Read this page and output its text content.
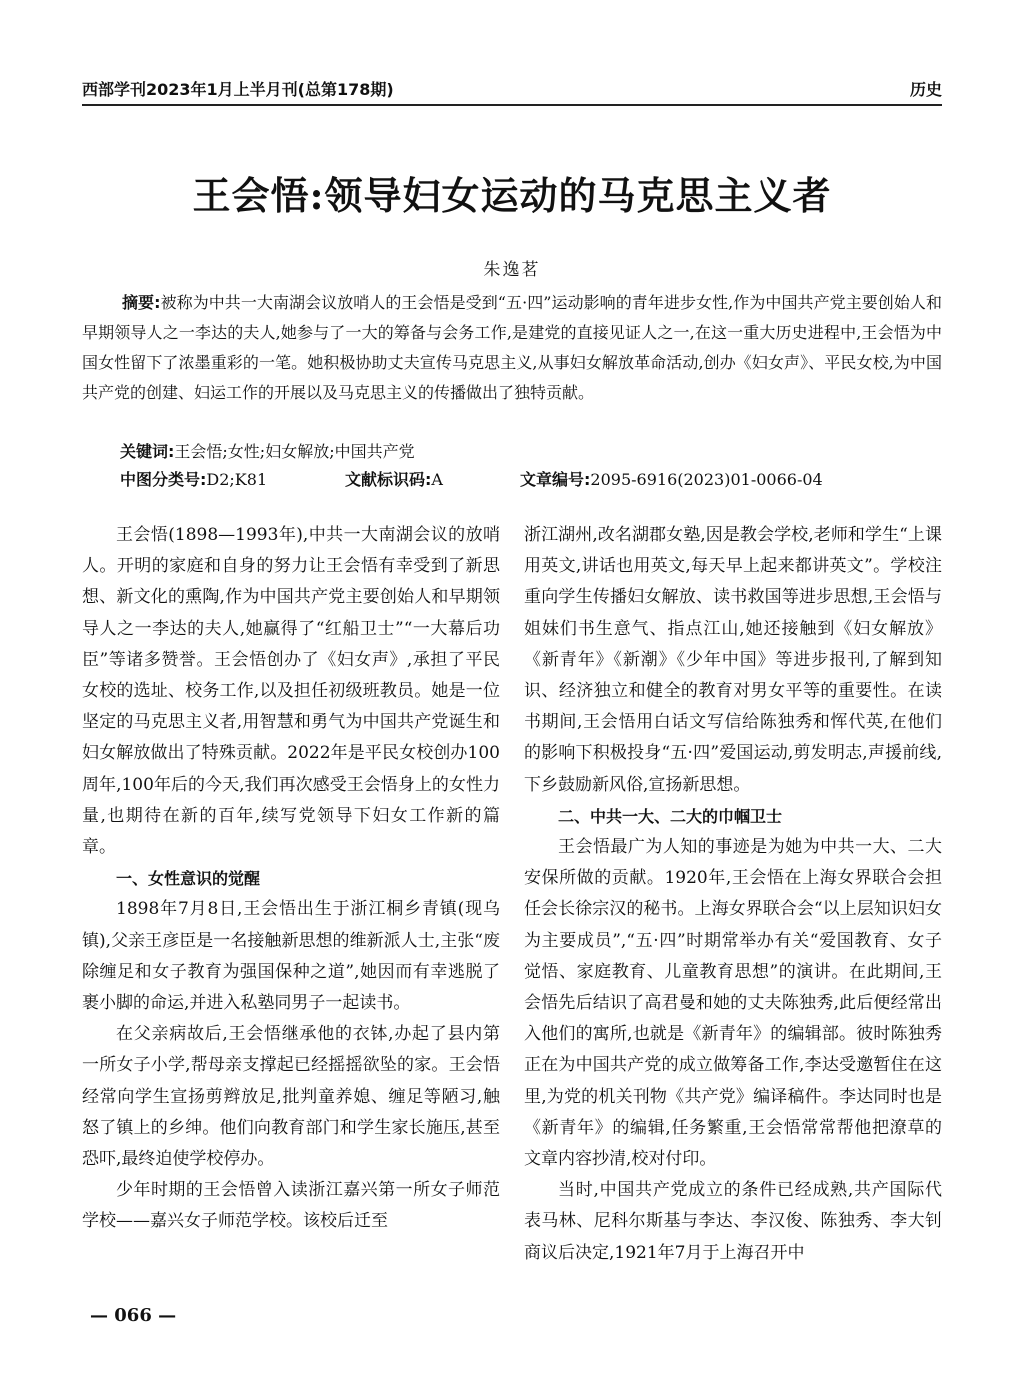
西部学刊2023年1月上半月刊(总第178期)	历史
王会悟:领导妇女运动的马克思主义者
朱逸茗
摘要:被称为中共一大南湖会议放哨人的王会悟是受到“五·四”运动影响的青年进步女性,作为中国共产党主要创始人和早期领导人之一李达的夫人,她参与了一大的筹备与会务工作,是建党的直接见证人之一,在这一重大历史进程中,王会悟为中国女性留下了浓墨重彩的一笔。她积极协助丈夫宣传马克思主义,从事妇女解放革命活动,创办《妇女声》、平民女校,为中国共产党的创建、妇运工作的开展以及马克思主义的传播做出了独特贡献。
关键词:王会悟;女性;妇女解放;中国共产党
中图分类号:D2;K81	文献标识码:A	文章编号:2095-6916(2023)01-0066-04

王会悟(1898—1993年),中共一大南湖会议的放哨人。开明的家庭和自身的努力让王会悟有幸受到了新思想、新文化的熏陶,作为中国共产党主要创始人和早期领导人之一李达的夫人,她赢得了“红船卫士”“一大幕后功臣”等诸多赞誉。王会悟创办了《妇女声》,承担了平民女校的选址、校务工作,以及担任初级班教员。她是一位坚定的马克思主义者,用智慧和勇气为中国共产党诞生和妇女解放做出了特殊贡献。2022年是平民女校创办100周年,100年后的今天,我们再次感受王会悟身上的女性力量,也期待在新的百年,续写党领导下妇女工作新的篇章。

一、女性意识的觉醒

1898年7月8日,王会悟出生于浙江桐乡青镇(现乌镇),父亲王彦臣是一名接触新思想的维新派人士,主张“废除缠足和女子教育为强国保种之道”,她因而有幸逃脱了裹小脚的命运,并进入私塾同男子一起读书。

在父亲病故后,王会悟继承他的衣钵,办起了县内第一所女子小学,帮母亲支撑起已经摇摇欲坠的家。王会悟经常向学生宣扬剪辫放足,批判童养媳、缠足等陋习,触怒了镇上的乡绅。他们向教育部门和学生家长施压,甚至恐吓,最终迫使学校停办。

少年时期的王会悟曾入读浙江嘉兴第一所女子师范学校——嘉兴女子师范学校。该校后迁至

浙江湖州,改名湖郡女塾,因是教会学校,老师和学生“上课用英文,讲话也用英文,每天早上起来都讲英文”。学校注重向学生传播妇女解放、读书救国等进步思想,王会悟与姐妹们书生意气、指点江山,她还接触到《妇女解放》《新青年》《新潮》《少年中国》等进步报刊,了解到知识、经济独立和健全的教育对男女平等的重要性。在读书期间,王会悟用白话文写信给陈独秀和恽代英,在他们的影响下积极投身“五·四”爱国运动,剪发明志,声援前线,下乡鼓励新风俗,宣扬新思想。

二、中共一大、二大的巾帼卫士

王会悟最广为人知的事迹是为她为中共一大、二大安保所做的贡献。1920年,王会悟在上海女界联合会担任会长徐宗汉的秘书。上海女界联合会“以上层知识妇女为主要成员”,“五·四”时期常举办有关“爱国教育、女子觉悟、家庭教育、儿童教育思想”的演讲。在此期间,王会悟先后结识了高君曼和她的丈夫陈独秀,此后便经常出入他们的寓所,也就是《新青年》的编辑部。彼时陈独秀正在为中国共产党的成立做筹备工作,李达受邀暂住在这里,为党的机关刊物《共产党》编译稿件。李达同时也是《新青年》的编辑,任务繁重,王会悟常常帮他把潦草的文章内容抄清,校对付印。

当时,中国共产党成立的条件已经成熟,共产国际代表马林、尼科尔斯基与李达、李汉俊、陈独秀、李大钊商议后决定,1921年7月于上海召开中

— 066 —
